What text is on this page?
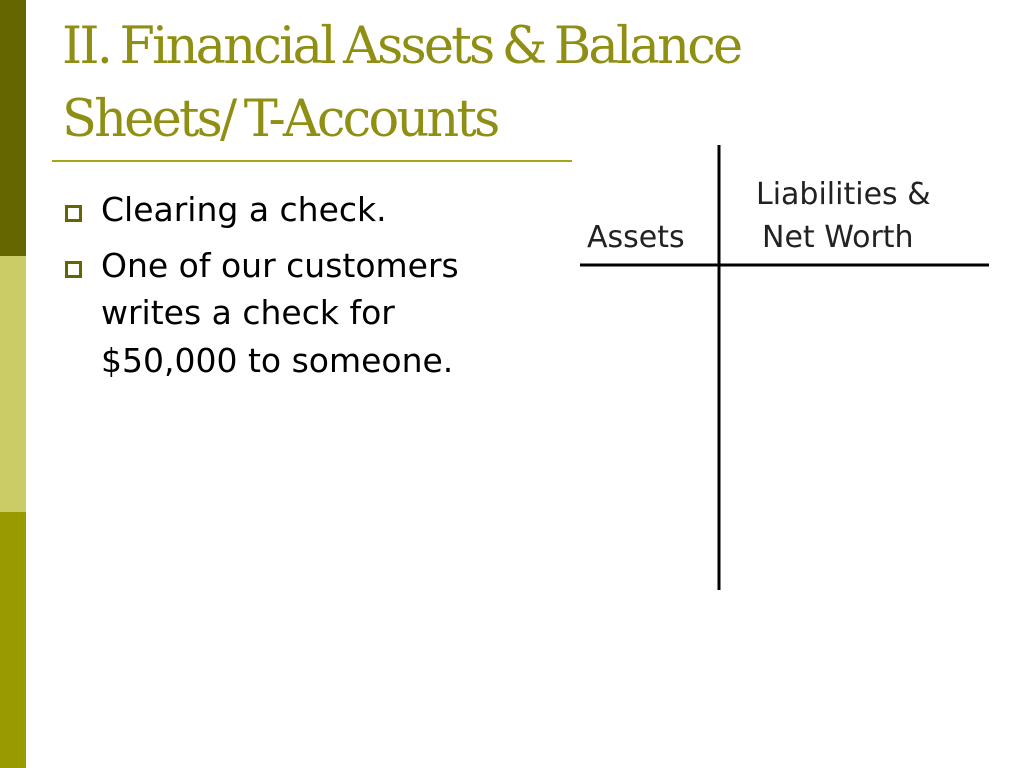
II. Financial Assets & Balance
Sheets/ T-Accounts
Clearing a check.
One of our customers writes a check for $50,000 to someone.
Assets
Liabilities &
Net Worth
